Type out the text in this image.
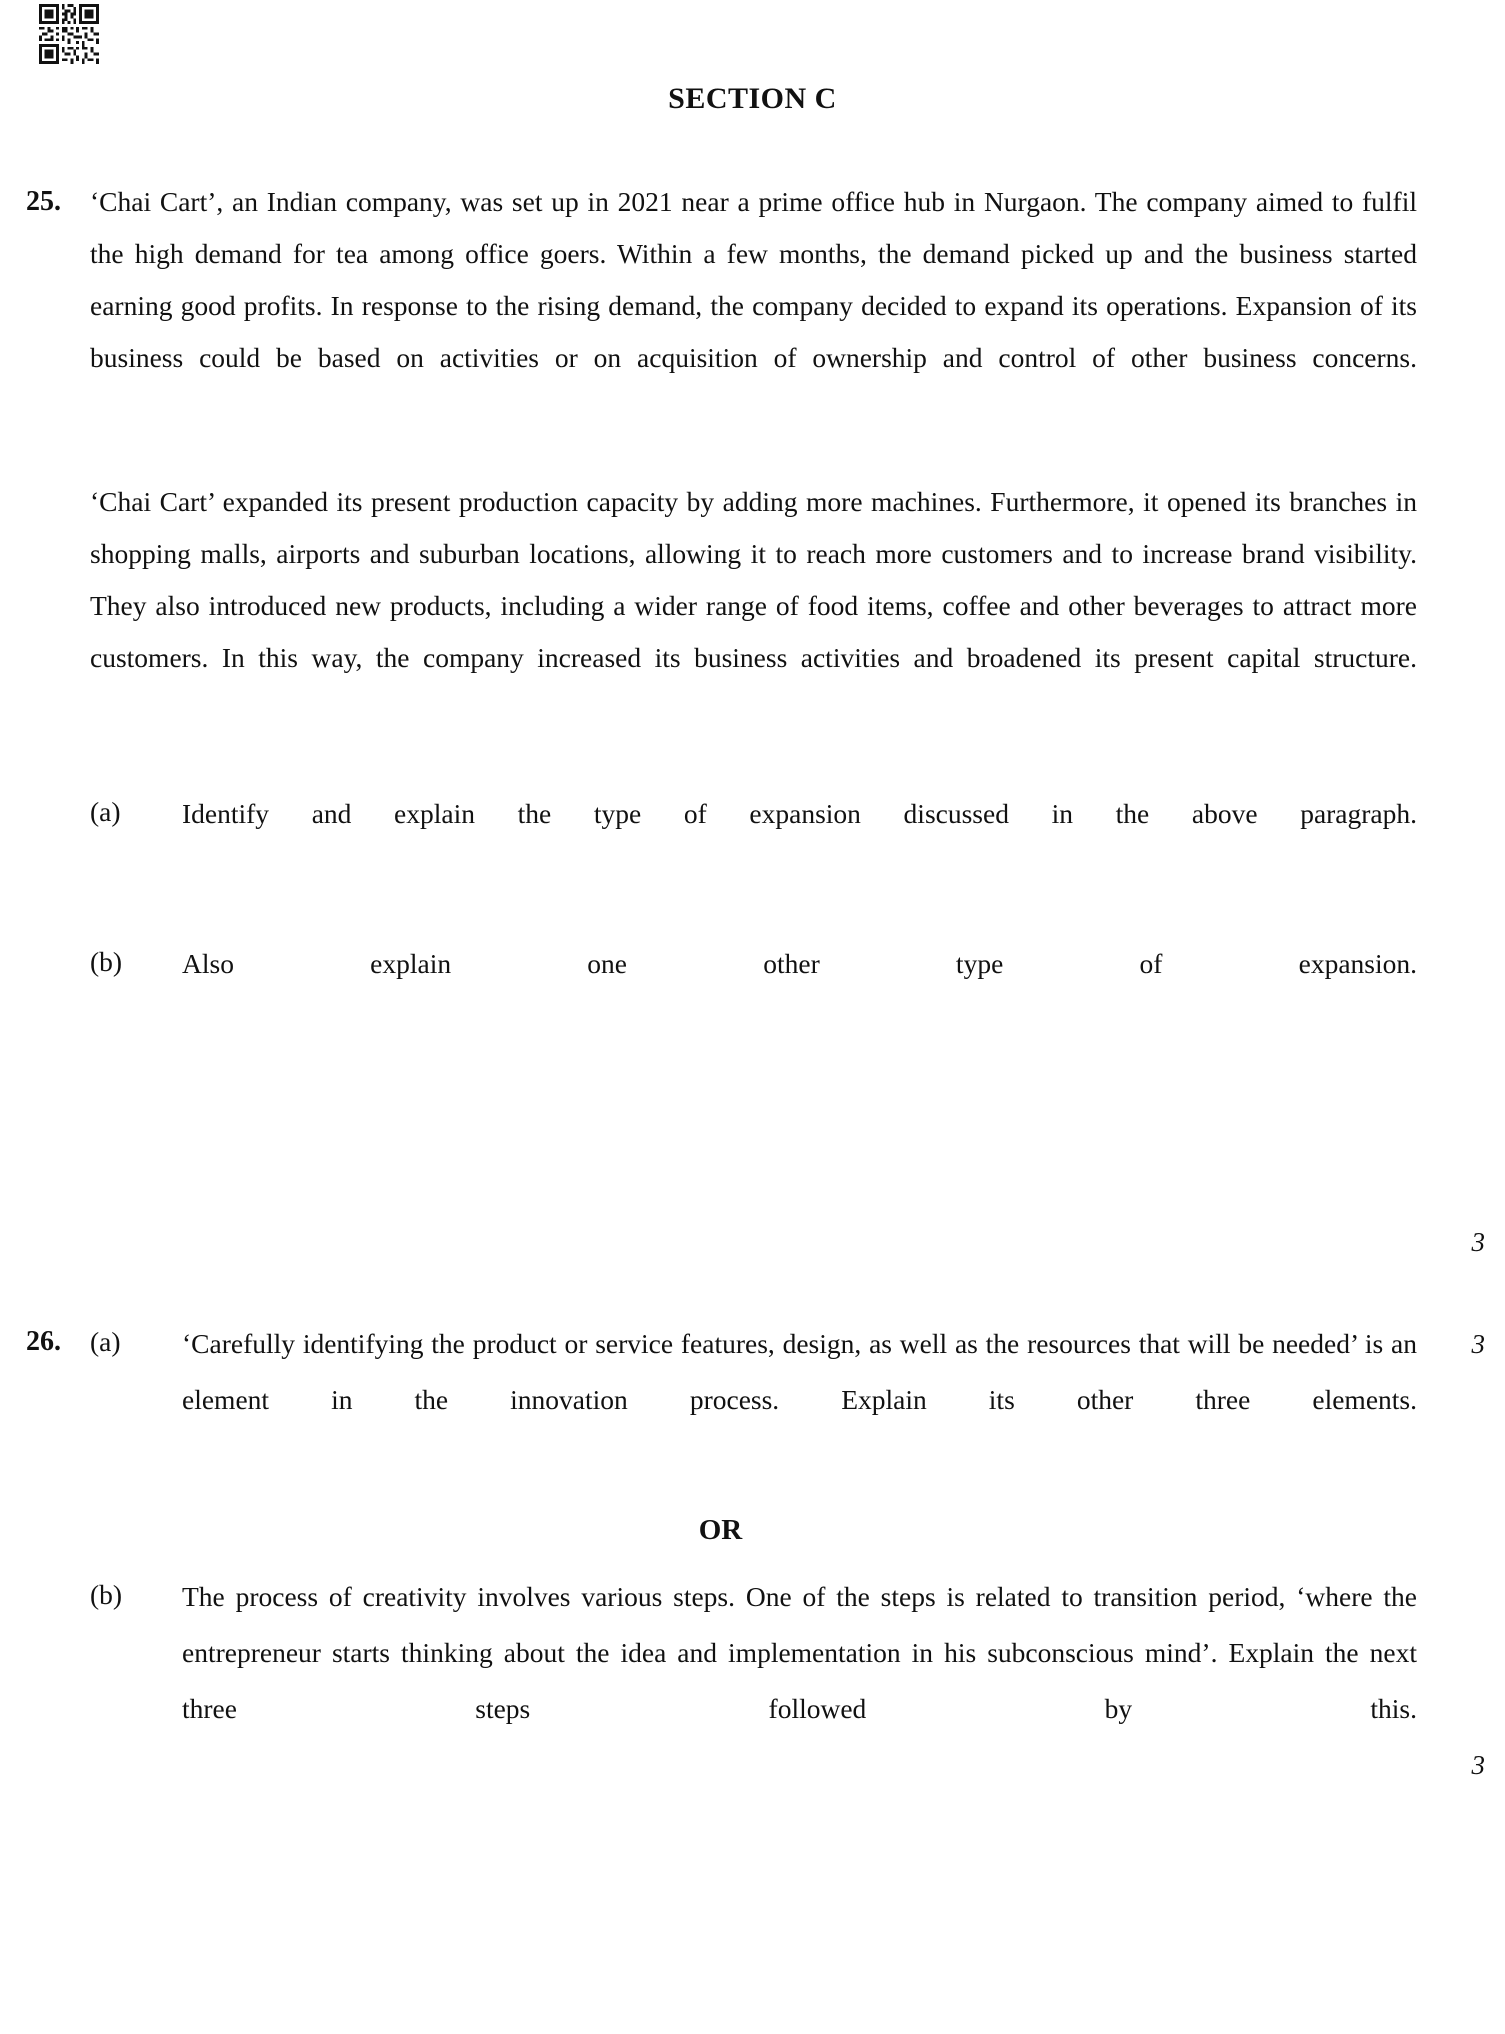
SECTION C
25.	‘Chai Cart’, an Indian company, was set up in 2021 near a prime office hub in Nurgaon. The company aimed to fulfil the high demand for tea among office goers. Within a few months, the demand picked up and the business started earning good profits. In response to the rising demand, the company decided to expand its operations. Expansion of its business could be based on activities or on acquisition of ownership and control of other business concerns.

‘Chai Cart’ expanded its present production capacity by adding more machines. Furthermore, it opened its branches in shopping malls, airports and suburban locations, allowing it to reach more customers and to increase brand visibility. They also introduced new products, including a wider range of food items, coffee and other beverages to attract more customers. In this way, the company increased its business activities and broadened its present capital structure.

(a)	Identify and explain the type of expansion discussed in the above paragraph.
(b)	Also explain one other type of expansion.
3
26.	(a)	‘Carefully identifying the product or service features, design, as well as the resources that will be needed’ is an element in the innovation process. Explain its other three elements.
3
OR
(b)	The process of creativity involves various steps. One of the steps is related to transition period, ‘where the entrepreneur starts thinking about the idea and implementation in his subconscious mind’. Explain the next three steps followed by this.
3
